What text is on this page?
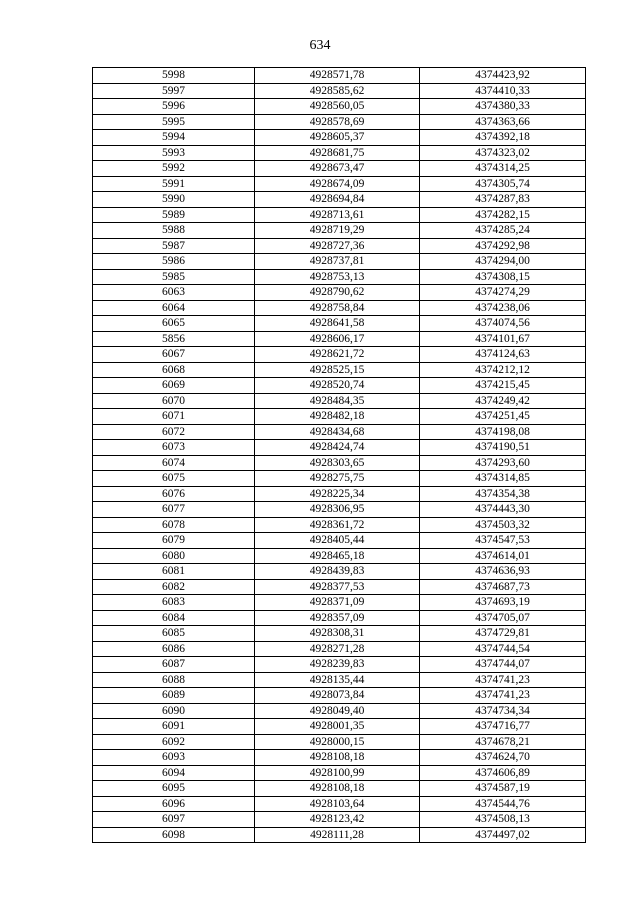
634
5998	4928571,78	4374423,92
5997	4928585,62	4374410,33
5996	4928560,05	4374380,33
5995	4928578,69	4374363,66
5994	4928605,37	4374392,18
5993	4928681,75	4374323,02
5992	4928673,47	4374314,25
5991	4928674,09	4374305,74
5990	4928694,84	4374287,83
5989	4928713,61	4374282,15
5988	4928719,29	4374285,24
5987	4928727,36	4374292,98
5986	4928737,81	4374294,00
5985	4928753,13	4374308,15
6063	4928790,62	4374274,29
6064	4928758,84	4374238,06
6065	4928641,58	4374074,56
5856	4928606,17	4374101,67
6067	4928621,72	4374124,63
6068	4928525,15	4374212,12
6069	4928520,74	4374215,45
6070	4928484,35	4374249,42
6071	4928482,18	4374251,45
6072	4928434,68	4374198,08
6073	4928424,74	4374190,51
6074	4928303,65	4374293,60
6075	4928275,75	4374314,85
6076	4928225,34	4374354,38
6077	4928306,95	4374443,30
6078	4928361,72	4374503,32
6079	4928405,44	4374547,53
6080	4928465,18	4374614,01
6081	4928439,83	4374636,93
6082	4928377,53	4374687,73
6083	4928371,09	4374693,19
6084	4928357,09	4374705,07
6085	4928308,31	4374729,81
6086	4928271,28	4374744,54
6087	4928239,83	4374744,07
6088	4928135,44	4374741,23
6089	4928073,84	4374741,23
6090	4928049,40	4374734,34
6091	4928001,35	4374716,77
6092	4928000,15	4374678,21
6093	4928108,18	4374624,70
6094	4928100,99	4374606,89
6095	4928108,18	4374587,19
6096	4928103,64	4374544,76
6097	4928123,42	4374508,13
6098	4928111,28	4374497,02
